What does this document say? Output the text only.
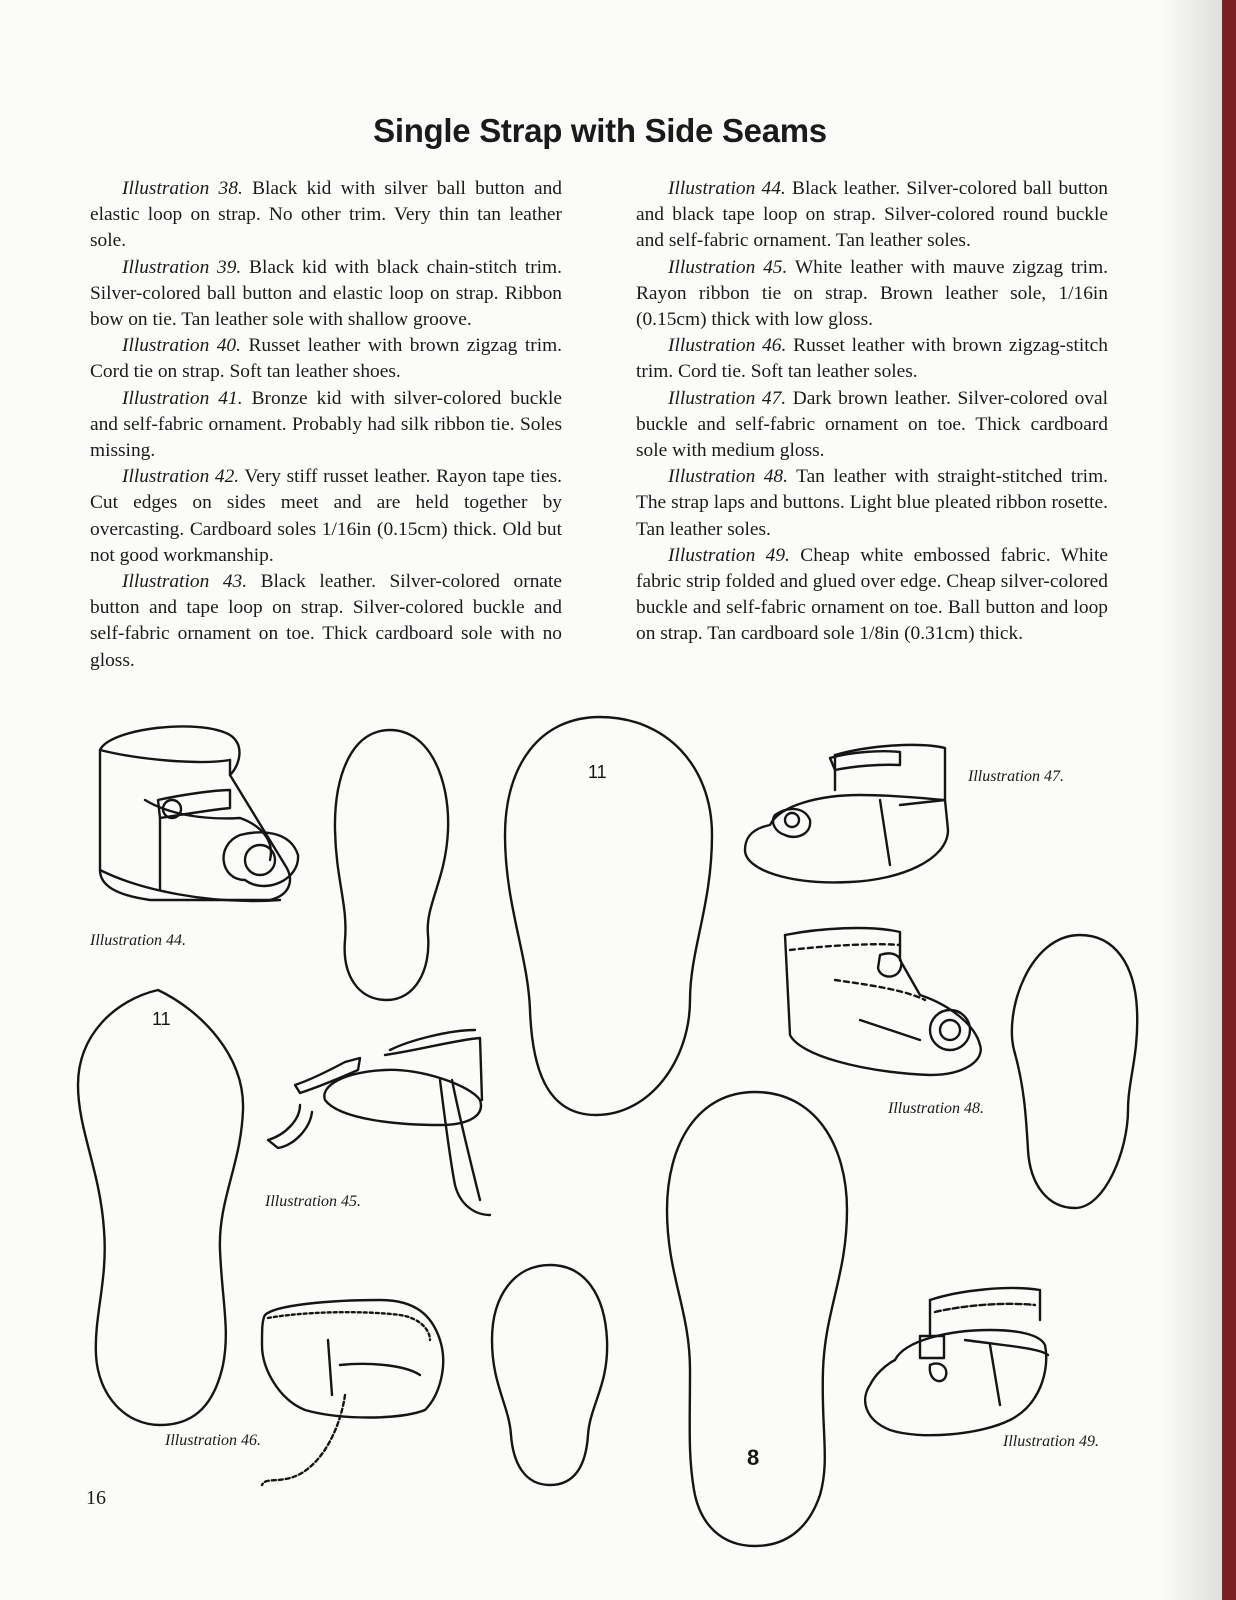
Single Strap with Side Seams

Illustration 38. Black kid with silver ball button and elastic loop on strap. No other trim. Very thin tan leather sole.

Illustration 39. Black kid with black chain-stitch trim. Silver-colored ball button and elastic loop on strap. Ribbon bow on tie. Tan leather sole with shallow groove.

Illustration 40. Russet leather with brown zigzag trim. Cord tie on strap. Soft tan leather shoes.

Illustration 41. Bronze kid with silver-colored buckle and self-fabric ornament. Probably had silk ribbon tie. Soles missing.

Illustration 42. Very stiff russet leather. Rayon tape ties. Cut edges on sides meet and are held together by overcasting. Cardboard soles 1/16in (0.15cm) thick. Old but not good workmanship.

Illustration 43. Black leather. Silver-colored ornate button and tape loop on strap. Silver-colored buckle and self-fabric ornament on toe. Thick cardboard sole with no gloss.

Illustration 44. Black leather. Silver-colored ball button and black tape loop on strap. Silver-colored round buckle and self-fabric ornament. Tan leather soles.

Illustration 45. White leather with mauve zigzag trim. Rayon ribbon tie on strap. Brown leather sole, 1/16in (0.15cm) thick with low gloss.

Illustration 46. Russet leather with brown zigzag-stitch trim. Cord tie. Soft tan leather soles.

Illustration 47. Dark brown leather. Silver-colored oval buckle and self-fabric ornament on toe. Thick cardboard sole with medium gloss.

Illustration 48. Tan leather with straight-stitched trim. The strap laps and buttons. Light blue pleated ribbon rosette. Tan leather soles.

Illustration 49. Cheap white embossed fabric. White fabric strip folded and glued over edge. Cheap silver-colored buckle and self-fabric ornament on toe. Ball button and loop on strap. Tan cardboard sole 1/8in (0.31cm) thick.

11
11
8
Illustration 44.
Illustration 45.
Illustration 46.
Illustration 47.
Illustration 48.
Illustration 49.
16
